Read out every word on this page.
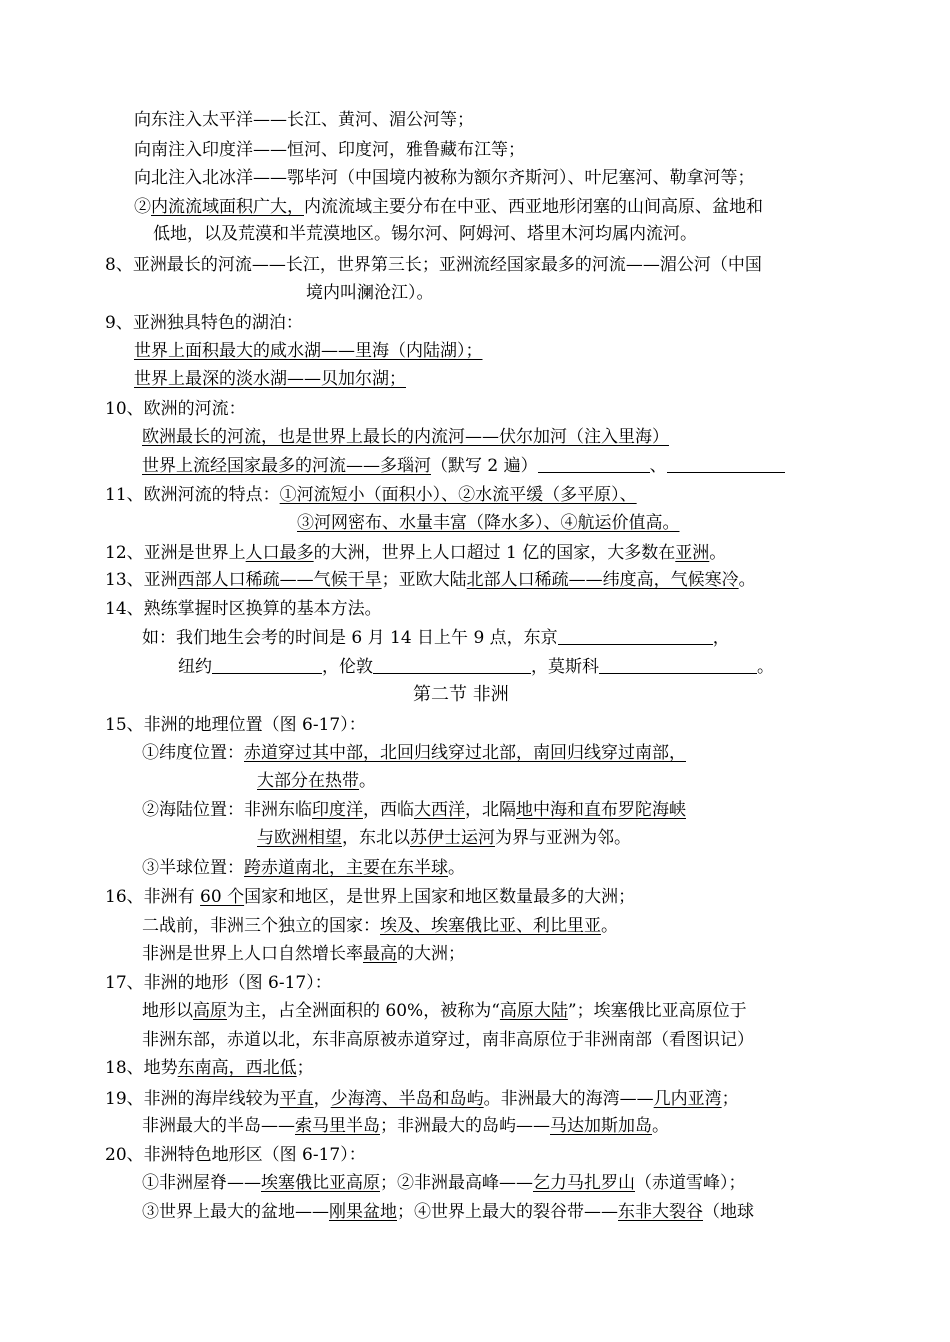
向东注入太平洋——长江、黄河、湄公河等；
向南注入印度洋——恒河、印度河，雅鲁藏布江等；
向北注入北冰洋——鄂毕河（中国境内被称为额尔齐斯河）、叶尼塞河、勒拿河等；
②内流流域面积广大，内流流域主要分布在中亚、西亚地形闭塞的山间高原、盆地和
低地，以及荒漠和半荒漠地区。锡尔河、阿姆河、塔里木河均属内流河。
8、亚洲最长的河流——长江，世界第三长；亚洲流经国家最多的河流——湄公河（中国
境内叫澜沧江）。
9、亚洲独具特色的湖泊：
世界上面积最大的咸水湖——里海（内陆湖）；
世界上最深的淡水湖——贝加尔湖；
10、欧洲的河流：
欧洲最长的河流，也是世界上最长的内流河——伏尔加河（注入里海）
世界上流经国家最多的河流——多瑙河（默写 2 遍）	、
11、欧洲河流的特点：①河流短小（面积小）、②水流平缓（多平原）、
③河网密布、水量丰富（降水多）、④航运价值高。
12、亚洲是世界上人口最多的大洲，世界上人口超过 1 亿的国家，大多数在亚洲。
13、亚洲西部人口稀疏——气候干旱；亚欧大陆北部人口稀疏——纬度高，气候寒冷。
14、熟练掌握时区换算的基本方法。
如：我们地生会考的时间是 6 月 14 日上午 9 点，东京	，
纽约	，伦敦	，莫斯科	。
第二节 非洲
15、非洲的地理位置（图 6-17）：
①纬度位置：赤道穿过其中部，北回归线穿过北部，南回归线穿过南部，
大部分在热带。
②海陆位置：非洲东临印度洋，西临大西洋，北隔地中海和直布罗陀海峡
与欧洲相望，东北以苏伊士运河为界与亚洲为邻。
③半球位置：跨赤道南北，主要在东半球。
16、非洲有 60 个国家和地区，是世界上国家和地区数量最多的大洲；
二战前，非洲三个独立的国家：埃及、埃塞俄比亚、利比里亚。
非洲是世界上人口自然增长率最高的大洲；
17、非洲的地形（图 6-17）：
地形以高原为主，占全洲面积的 60%，被称为“高原大陆”；埃塞俄比亚高原位于
非洲东部，赤道以北，东非高原被赤道穿过，南非高原位于非洲南部（看图识记）
18、地势东南高，西北低；
19、非洲的海岸线较为平直，少海湾、半岛和岛屿。非洲最大的海湾——几内亚湾；
非洲最大的半岛——索马里半岛；非洲最大的岛屿——马达加斯加岛。
20、非洲特色地形区（图 6-17）：
①非洲屋脊——埃塞俄比亚高原；②非洲最高峰——乞力马扎罗山（赤道雪峰）；
③世界上最大的盆地——刚果盆地；④世界上最大的裂谷带——东非大裂谷（地球
